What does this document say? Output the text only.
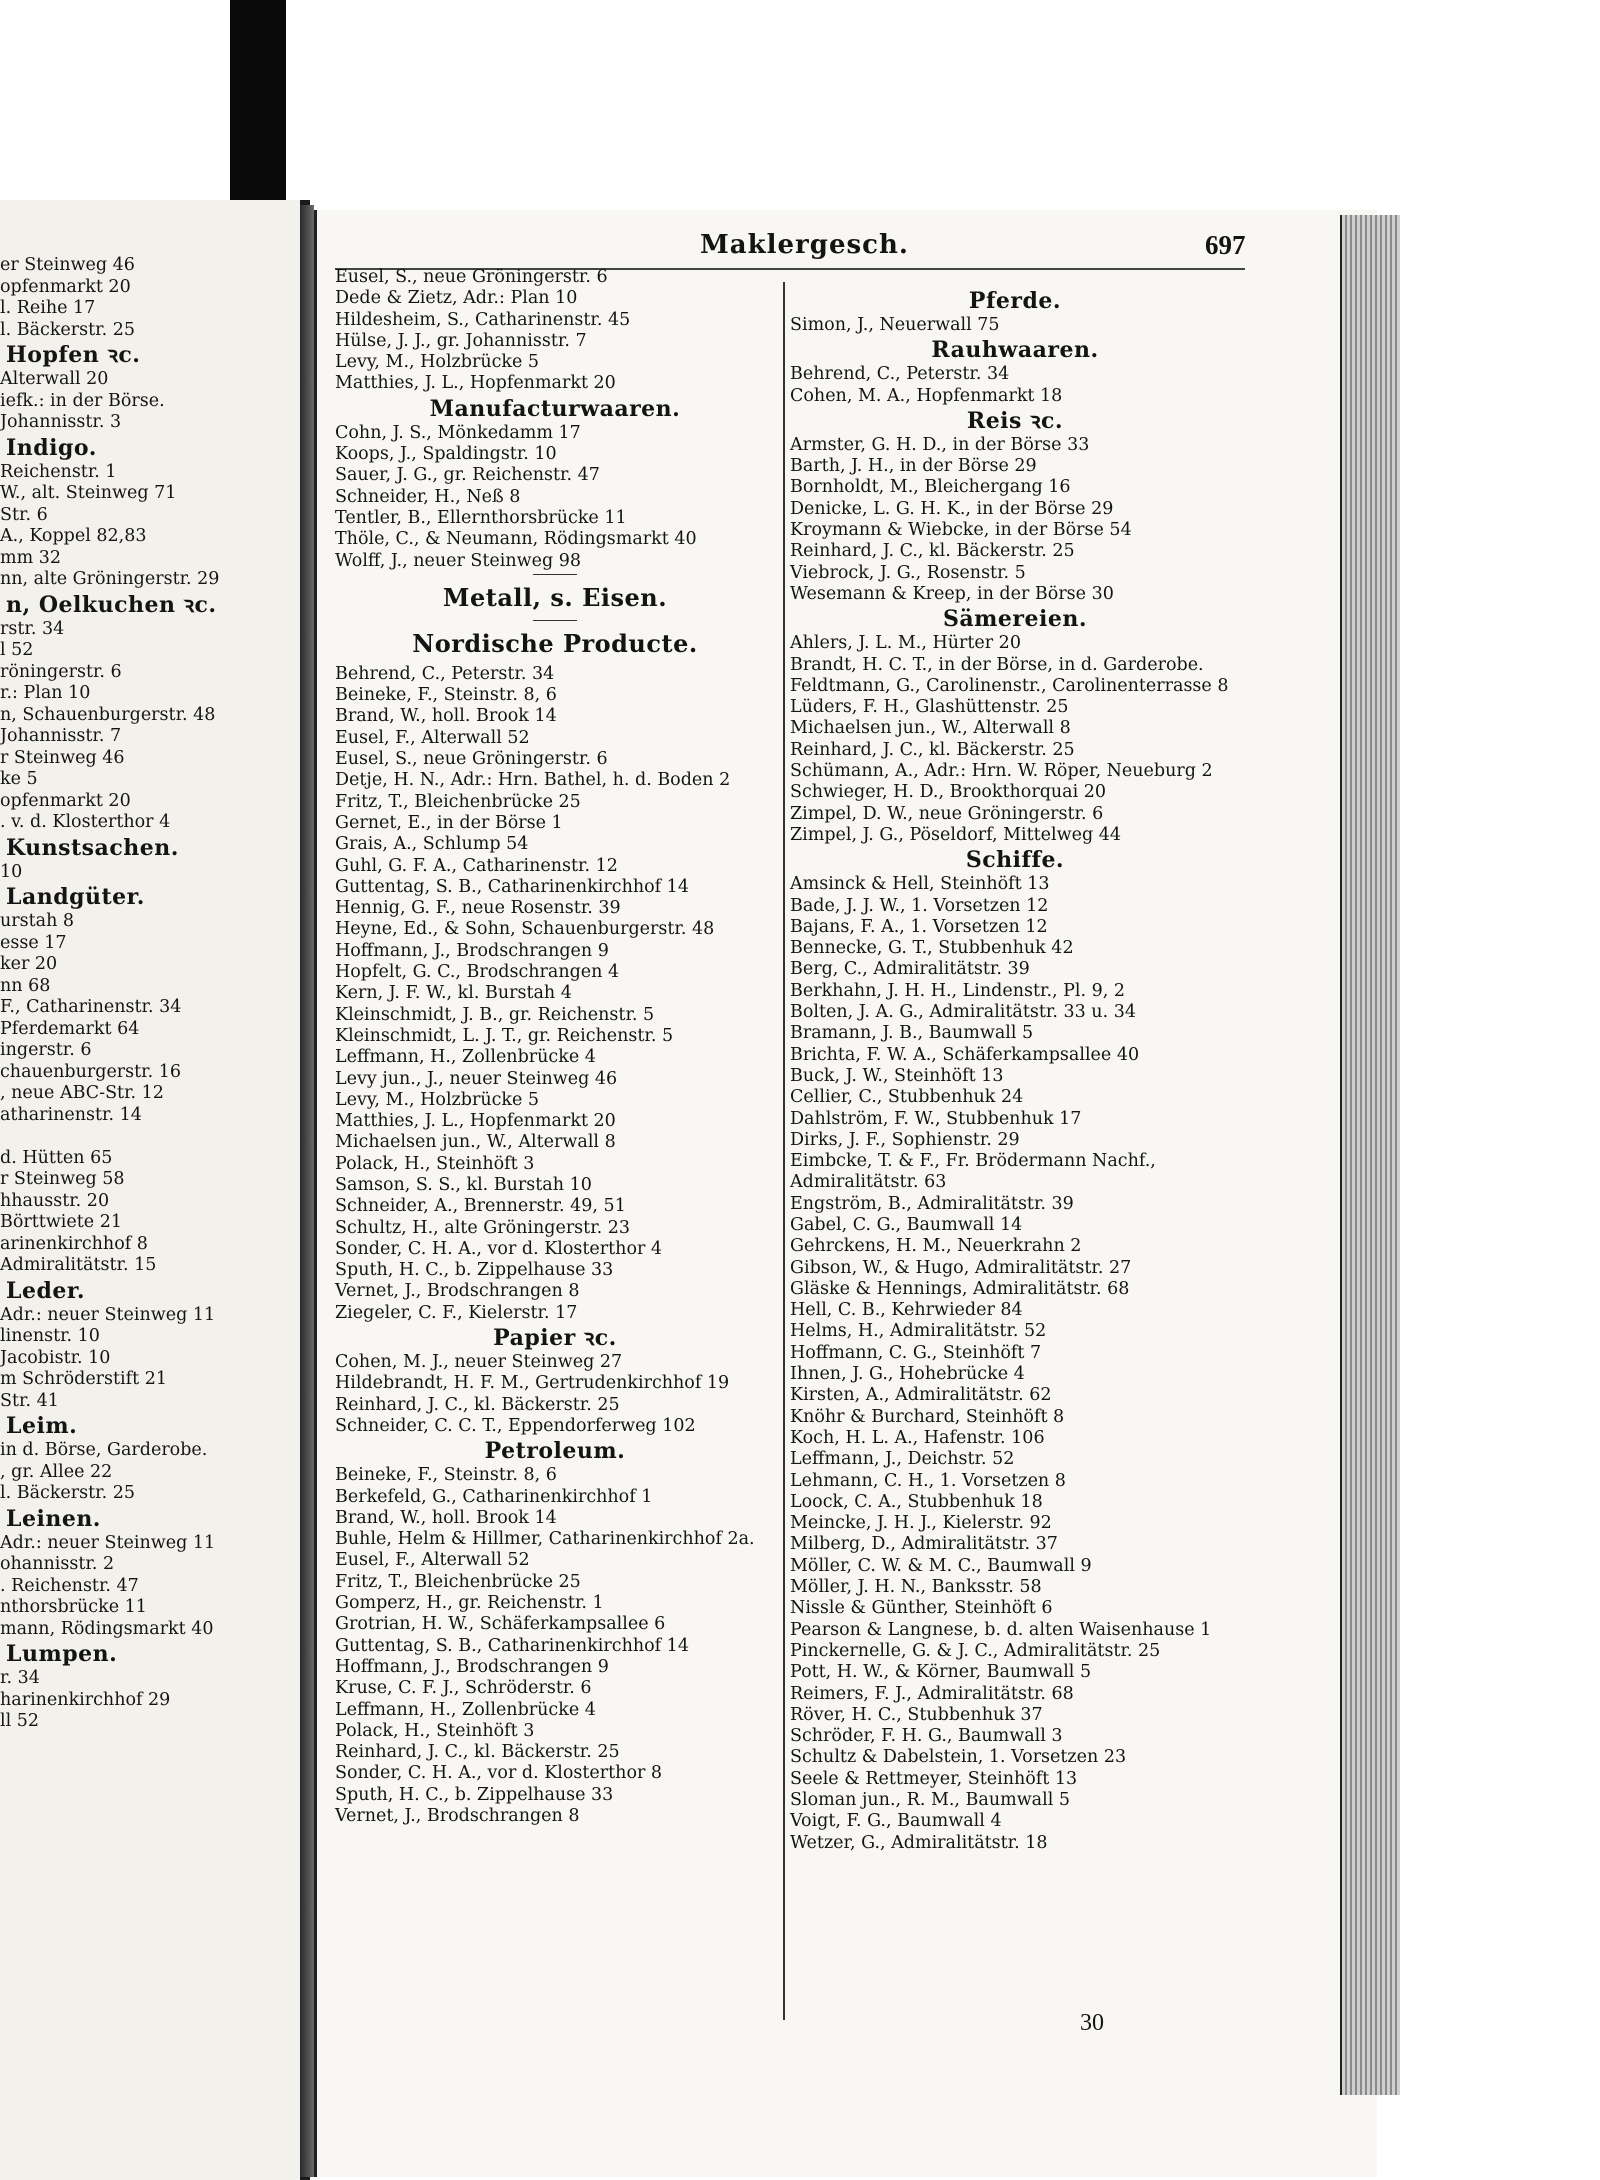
Maklergesch.	697
er Steinweg 46
opfenmarkt 20
l. Reihe 17
l. Bäckerstr. 25
Hopfen ꝛc.
Alterwall 20
iefk.: in der Börse.
Johannisstr. 3
Indigo.
Reichenstr. 1
W., alt. Steinweg 71
Str. 6
A., Koppel 82,83
mm 32
nn, alte Gröningerstr. 29
n, Oelkuchen ꝛc.
rstr. 34
l 52
röningerstr. 6
r.: Plan 10
n, Schauenburgerstr. 48
Johannisstr. 7
r Steinweg 46
ke 5
opfenmarkt 20
. v. d. Klosterthor 4
Kunstsachen.
10
Landgüter.
urstah 8
esse 17
ker 20
nn 68
F., Catharinenstr. 34
Pferdemarkt 64
ingerstr. 6
chauenburgerstr. 16
, neue ABC-Str. 12
atharinenstr. 14
d. Hütten 65
r Steinweg 58
hhausstr. 20
Börttwiete 21
arinenkirchhof 8
Admiralitätstr. 15
Leder.
Adr.: neuer Steinweg 11
linenstr. 10
Jacobistr. 10
m Schröderstift 21
Str. 41
Leim.
in d. Börse, Garderobe.
, gr. Allee 22
l. Bäckerstr. 25
Leinen.
Adr.: neuer Steinweg 11
ohannisstr. 2
. Reichenstr. 47
nthorsbrücke 11
mann, Rödingsmarkt 40
Lumpen.
r. 34
harinenkirchhof 29
ll 52
Eusel, S., neue Gröningerstr. 6
Dede & Zietz, Adr.: Plan 10
Hildesheim, S., Catharinenstr. 45
Hülse, J. J., gr. Johannisstr. 7
Levy, M., Holzbrücke 5
Matthies, J. L., Hopfenmarkt 20
Manufacturwaaren.
Cohn, J. S., Mönkedamm 17
Koops, J., Spaldingstr. 10
Sauer, J. G., gr. Reichenstr. 47
Schneider, H., Neß 8
Tentler, B., Ellernthorsbrücke 11
Thöle, C., & Neumann, Rödingsmarkt 40
Wolff, J., neuer Steinweg 98
Metall, s. Eisen.
Nordische Producte.
Behrend, C., Peterstr. 34
Beineke, F., Steinstr. 8, 6
Brand, W., holl. Brook 14
Eusel, F., Alterwall 52
Eusel, S., neue Gröningerstr. 6
Detje, H. N., Adr.: Hrn. Bathel, h. d. Boden 2
Fritz, T., Bleichenbrücke 25
Gernet, E., in der Börse 1
Grais, A., Schlump 54
Guhl, G. F. A., Catharinenstr. 12
Guttentag, S. B., Catharinenkirchhof 14
Hennig, G. F., neue Rosenstr. 39
Heyne, Ed., & Sohn, Schauenburgerstr. 48
Hoffmann, J., Brodschrangen 9
Hopfelt, G. C., Brodschrangen 4
Kern, J. F. W., kl. Burstah 4
Kleinschmidt, J. B., gr. Reichenstr. 5
Kleinschmidt, L. J. T., gr. Reichenstr. 5
Leffmann, H., Zollenbrücke 4
Levy jun., J., neuer Steinweg 46
Levy, M., Holzbrücke 5
Matthies, J. L., Hopfenmarkt 20
Michaelsen jun., W., Alterwall 8
Polack, H., Steinhöft 3
Samson, S. S., kl. Burstah 10
Schneider, A., Brennerstr. 49, 51
Schultz, H., alte Gröningerstr. 23
Sonder, C. H. A., vor d. Klosterthor 4
Sputh, H. C., b. Zippelhause 33
Vernet, J., Brodschrangen 8
Ziegeler, C. F., Kielerstr. 17
Papier ꝛc.
Cohen, M. J., neuer Steinweg 27
Hildebrandt, H. F. M., Gertrudenkirchhof 19
Reinhard, J. C., kl. Bäckerstr. 25
Schneider, C. C. T., Eppendorferweg 102
Petroleum.
Beineke, F., Steinstr. 8, 6
Berkefeld, G., Catharinenkirchhof 1
Brand, W., holl. Brook 14
Buhle, Helm & Hillmer, Catharinenkirchhof 2a.
Eusel, F., Alterwall 52
Fritz, T., Bleichenbrücke 25
Gomperz, H., gr. Reichenstr. 1
Grotrian, H. W., Schäferkampsallee 6
Guttentag, S. B., Catharinenkirchhof 14
Hoffmann, J., Brodschrangen 9
Kruse, C. F. J., Schröderstr. 6
Leffmann, H., Zollenbrücke 4
Polack, H., Steinhöft 3
Reinhard, J. C., kl. Bäckerstr. 25
Sonder, C. H. A., vor d. Klosterthor 8
Sputh, H. C., b. Zippelhause 33
Vernet, J., Brodschrangen 8
Pferde.
Simon, J., Neuerwall 75
Rauhwaaren.
Behrend, C., Peterstr. 34
Cohen, M. A., Hopfenmarkt 18
Reis ꝛc.
Armster, G. H. D., in der Börse 33
Barth, J. H., in der Börse 29
Bornholdt, M., Bleichergang 16
Denicke, L. G. H. K., in der Börse 29
Kroymann & Wiebcke, in der Börse 54
Reinhard, J. C., kl. Bäckerstr. 25
Viebrock, J. G., Rosenstr. 5
Wesemann & Kreep, in der Börse 30
Sämereien.
Ahlers, J. L. M., Hürter 20
Brandt, H. C. T., in der Börse, in d. Garderobe.
Feldtmann, G., Carolinenstr., Carolinenterrasse 8
Lüders, F. H., Glashüttenstr. 25
Michaelsen jun., W., Alterwall 8
Reinhard, J. C., kl. Bäckerstr. 25
Schümann, A., Adr.: Hrn. W. Röper, Neueburg 2
Schwieger, H. D., Brookthorquai 20
Zimpel, D. W., neue Gröningerstr. 6
Zimpel, J. G., Pöseldorf, Mittelweg 44
Schiffe.
Amsinck & Hell, Steinhöft 13
Bade, J. J. W., 1. Vorsetzen 12
Bajans, F. A., 1. Vorsetzen 12
Bennecke, G. T., Stubbenhuk 42
Berg, C., Admiralitätstr. 39
Berkhahn, J. H. H., Lindenstr., Pl. 9, 2
Bolten, J. A. G., Admiralitätstr. 33 u. 34
Bramann, J. B., Baumwall 5
Brichta, F. W. A., Schäferkampsallee 40
Buck, J. W., Steinhöft 13
Cellier, C., Stubbenhuk 24
Dahlström, F. W., Stubbenhuk 17
Dirks, J. F., Sophienstr. 29
Eimbcke, T. & F., Fr. Brödermann Nachf.,
Admiralitätstr. 63
Engström, B., Admiralitätstr. 39
Gabel, C. G., Baumwall 14
Gehrckens, H. M., Neuerkrahn 2
Gibson, W., & Hugo, Admiralitätstr. 27
Gläske & Hennings, Admiralitätstr. 68
Hell, C. B., Kehrwieder 84
Helms, H., Admiralitätstr. 52
Hoffmann, C. G., Steinhöft 7
Ihnen, J. G., Hohebrücke 4
Kirsten, A., Admiralitätstr. 62
Knöhr & Burchard, Steinhöft 8
Koch, H. L. A., Hafenstr. 106
Leffmann, J., Deichstr. 52
Lehmann, C. H., 1. Vorsetzen 8
Loock, C. A., Stubbenhuk 18
Meincke, J. H. J., Kielerstr. 92
Milberg, D., Admiralitätstr. 37
Möller, C. W. & M. C., Baumwall 9
Möller, J. H. N., Banksstr. 58
Nissle & Günther, Steinhöft 6
Pearson & Langnese, b. d. alten Waisenhause 1
Pinckernelle, G. & J. C., Admiralitätstr. 25
Pott, H. W., & Körner, Baumwall 5
Reimers, F. J., Admiralitätstr. 68
Röver, H. C., Stubbenhuk 37
Schröder, F. H. G., Baumwall 3
Schultz & Dabelstein, 1. Vorsetzen 23
Seele & Rettmeyer, Steinhöft 13
Sloman jun., R. M., Baumwall 5
Voigt, F. G., Baumwall 4
Wetzer, G., Admiralitätstr. 18
30
